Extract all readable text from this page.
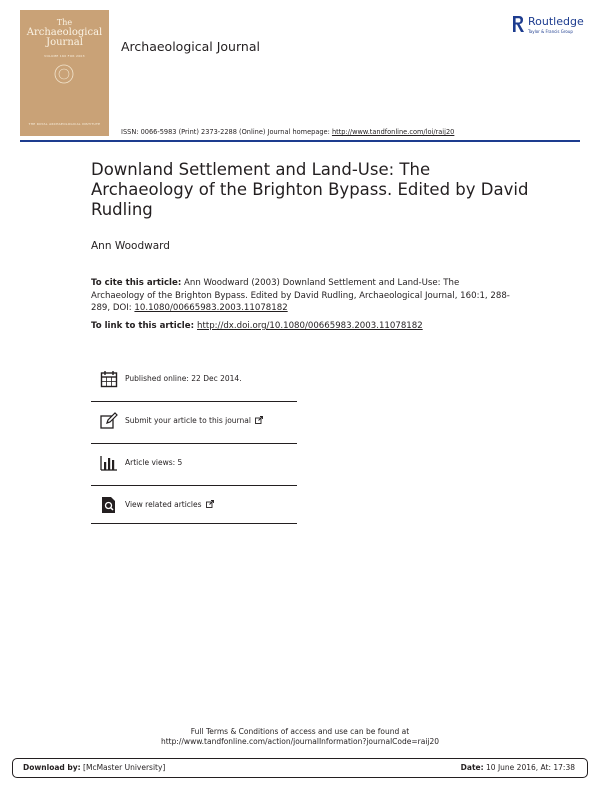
The
Archaeological Journal
VOLUME 160 FOR 2003
THE ROYAL ARCHAEOLOGICAL INSTITUTE
Archaeological Journal
Routledge
Taylor & Francis Group
ISSN: 0066-5983 (Print) 2373-2288 (Online) Journal homepage: http://www.tandfonline.com/loi/raij20
Downland Settlement and Land-Use: The Archaeology of the Brighton Bypass. Edited by David Rudling
Ann Woodward
To cite this article: Ann Woodward (2003) Downland Settlement and Land-Use: The Archaeology of the Brighton Bypass. Edited by David Rudling, Archaeological Journal, 160:1, 288-289, DOI: 10.1080/00665983.2003.11078182
To link to this article: http://dx.doi.org/10.1080/00665983.2003.11078182
Published online: 22 Dec 2014.
Submit your article to this journal
Article views: 5
View related articles
Full Terms & Conditions of access and use can be found at
http://www.tandfonline.com/action/journalInformation?journalCode=raij20
Download by: [McMaster University]	Date: 10 June 2016, At: 17:38
